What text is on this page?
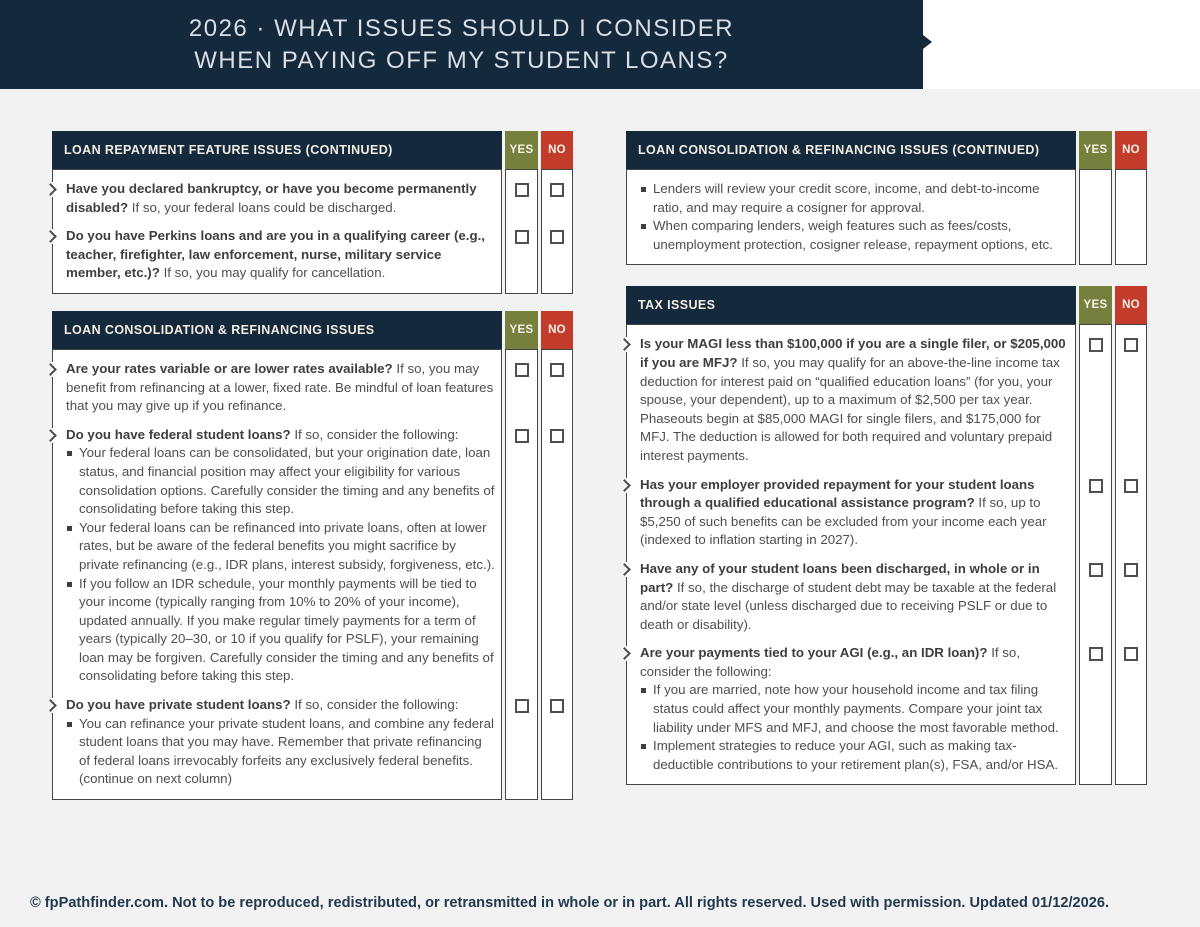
2026 · WHAT ISSUES SHOULD I CONSIDER
WHEN PAYING OFF MY STUDENT LOANS?
LOAN REPAYMENT FEATURE ISSUES (CONTINUED)	YES	NO

Have you declared bankruptcy, or have you become permanently disabled? If so, your federal loans could be discharged.

Do you have Perkins loans and are you in a qualifying career (e.g., teacher, firefighter, law enforcement, nurse, military service member, etc.)? If so, you may qualify for cancellation.

LOAN CONSOLIDATION & REFINANCING ISSUES	YES	NO

Are your rates variable or are lower rates available? If so, you may benefit from refinancing at a lower, fixed rate. Be mindful of loan features that you may give up if you refinance.

Do you have federal student loans? If so, consider the following:

Your federal loans can be consolidated, but your origination date, loan status, and financial position may affect your eligibility for various consolidation options. Carefully consider the timing and any benefits of consolidating before taking this step.
Your federal loans can be refinanced into private loans, often at lower rates, but be aware of the federal benefits you might sacrifice by private refinancing (e.g., IDR plans, interest subsidy, forgiveness, etc.).
If you follow an IDR schedule, your monthly payments will be tied to your income (typically ranging from 10% to 20% of your income), updated annually. If you make regular timely payments for a term of years (typically 20–30, or 10 if you qualify for PSLF), your remaining loan may be forgiven. Carefully consider the timing and any benefits of consolidating before taking this step.

Do you have private student loans? If so, consider the following:

You can refinance your private student loans, and combine any federal student loans that you may have. Remember that private refinancing of federal loans irrevocably forfeits any exclusively federal benefits. (continue on next column)
LOAN CONSOLIDATION & REFINANCING ISSUES (CONTINUED)	YES	NO
Lenders will review your credit score, income, and debt-to-income ratio, and may require a cosigner for approval.
When comparing lenders, weigh features such as fees/costs, unemployment protection, cosigner release, repayment options, etc.
TAX ISSUES	YES	NO

Is your MAGI less than $100,000 if you are a single filer, or $205,000 if you are MFJ? If so, you may qualify for an above-the-line income tax deduction for interest paid on “qualified education loans” (for you, your spouse, your dependent), up to a maximum of $2,500 per tax year. Phaseouts begin at $85,000 MAGI for single filers, and $175,000 for MFJ. The deduction is allowed for both required and voluntary prepaid interest payments.

Has your employer provided repayment for your student loans through a qualified educational assistance program? If so, up to $5,250 of such benefits can be excluded from your income each year (indexed to inflation starting in 2027).

Have any of your student loans been discharged, in whole or in part? If so, the discharge of student debt may be taxable at the federal and/or state level (unless discharged due to receiving PSLF or due to death or disability).

Are your payments tied to your AGI (e.g., an IDR loan)? If so, consider the following:

If you are married, note how your household income and tax filing status could affect your monthly payments. Compare your joint tax liability under MFS and MFJ, and choose the most favorable method.
Implement strategies to reduce your AGI, such as making tax-deductible contributions to your retirement plan(s), FSA, and/or HSA.
© fpPathfinder.com. Not to be reproduced, redistributed, or retransmitted in whole or in part. All rights reserved. Used with permission. Updated 01/12/2026.
